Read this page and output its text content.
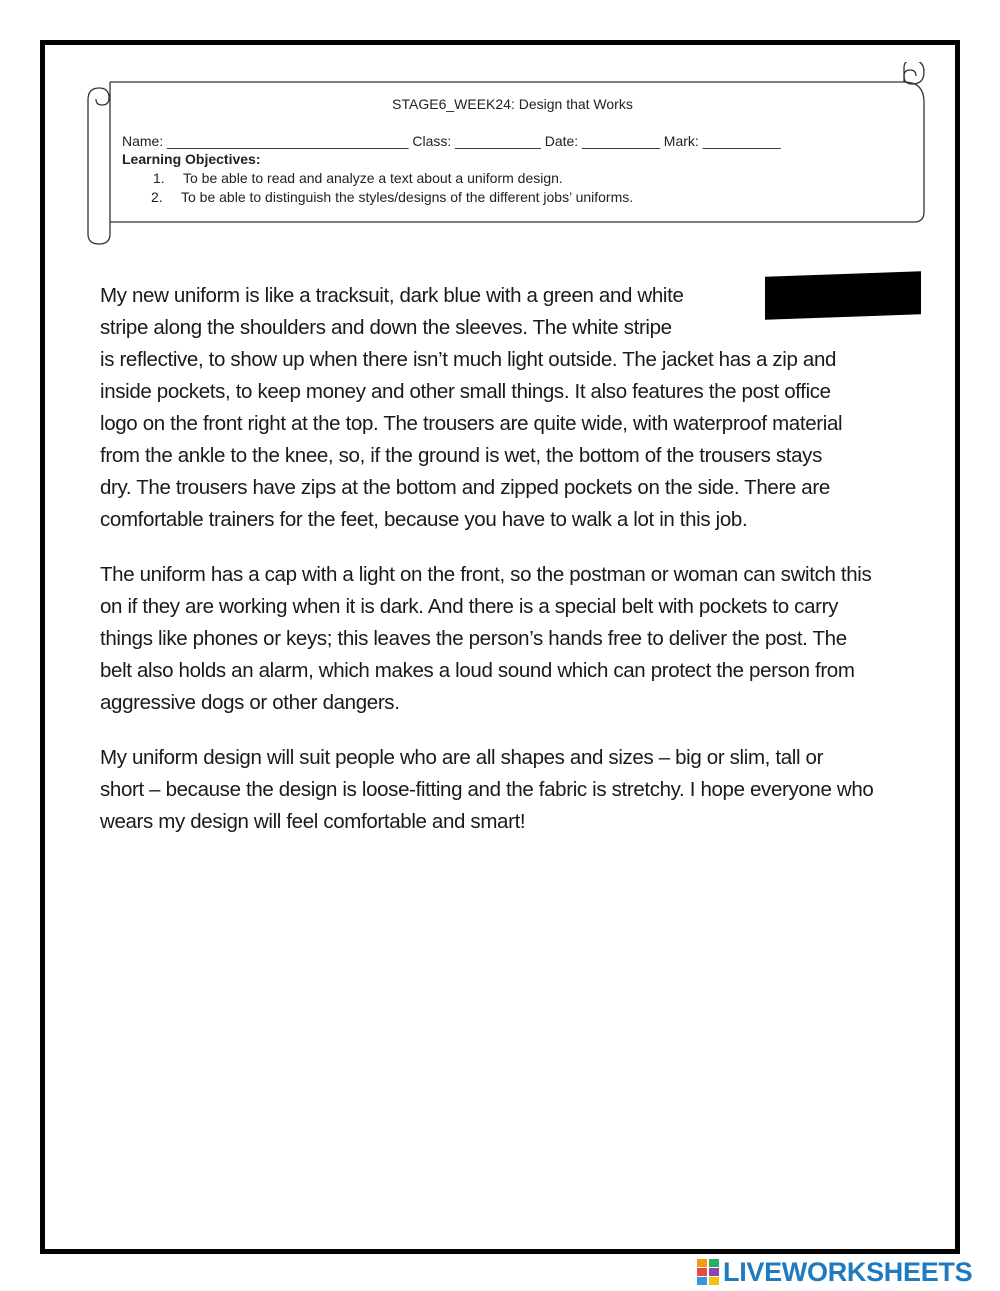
STAGE6_WEEK24: Design that Works
Name: _______________________________ Class: ___________ Date: __________ Mark: __________
Learning Objectives:
1. To be able to read and analyze a text about a uniform design.
2. To be able to distinguish the styles/designs of the different jobs’ uniforms.
My new uniform is like a tracksuit, dark blue with a green and white
stripe along the shoulders and down the sleeves. The white stripe
is reflective, to show up when there isn’t much light outside. The jacket has a zip and
inside pockets, to keep money and other small things. It also features the post office
logo on the front right at the top. The trousers are quite wide, with waterproof material
from the ankle to the knee, so, if the ground is wet, the bottom of the trousers stays
dry. The trousers have zips at the bottom and zipped pockets on the side. There are
comfortable trainers for the feet, because you have to walk a lot in this job.
The uniform has a cap with a light on the front, so the postman or woman can switch this
on if they are working when it is dark. And there is a special belt with pockets to carry
things like phones or keys; this leaves the person’s hands free to deliver the post. The
belt also holds an alarm, which makes a loud sound which can protect the person from
aggressive dogs or other dangers.
My uniform design will suit people who are all shapes and sizes – big or slim, tall or
short – because the design is loose-fitting and the fabric is stretchy. I hope everyone who
wears my design will feel comfortable and smart!
LIVEWORKSHEETS
